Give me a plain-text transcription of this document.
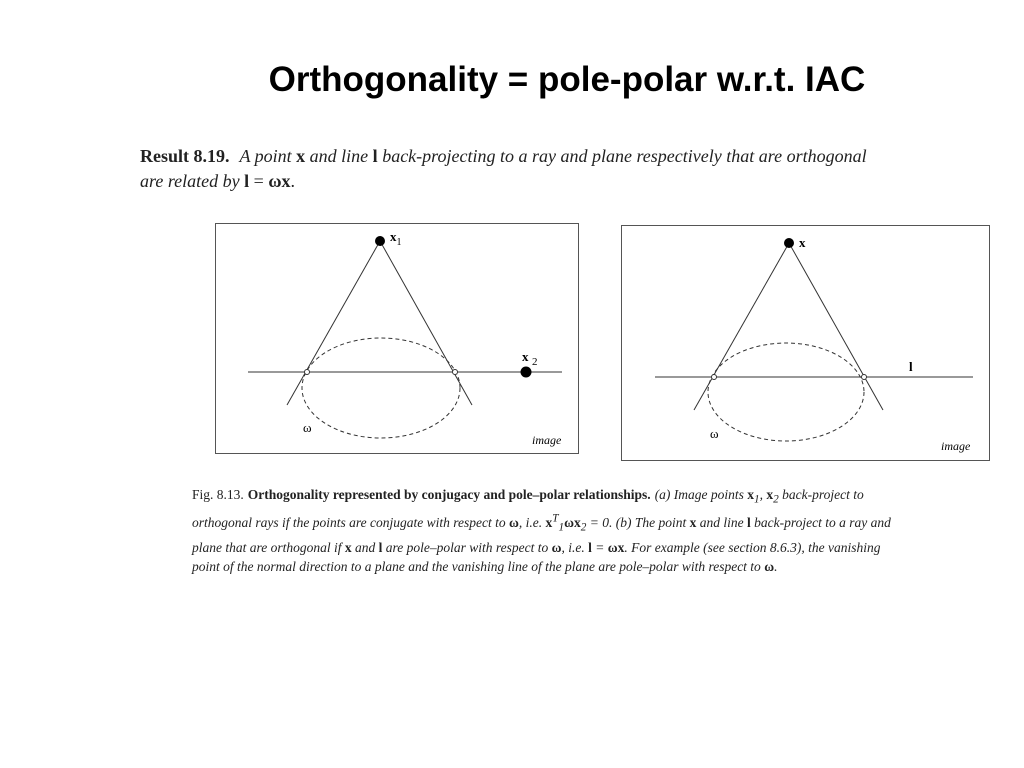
Orthogonality = pole-polar w.r.t. IAC

Result 8.19. A point x and line l back-projecting to a ray and plane respectively that are orthogonal are related by l = ωx.

$x_1$
x 2
ω
image
x
l
ω
image

Fig. 8.13. Orthogonality represented by conjugacy and pole–polar relationships. (a) Image points $x_1$, $x_2$ back-project to orthogonal rays if the points are conjugate with respect to ω, i.e. $x^T_1\omega x_2 = 0$. (b) The point x and line l back-project to a ray and plane that are orthogonal if x and l are pole–polar with respect to ω, i.e. l = ωx. For example (see section 8.6.3), the vanishing point of the normal direction to a plane and the vanishing line of the plane are pole–polar with respect to ω.
